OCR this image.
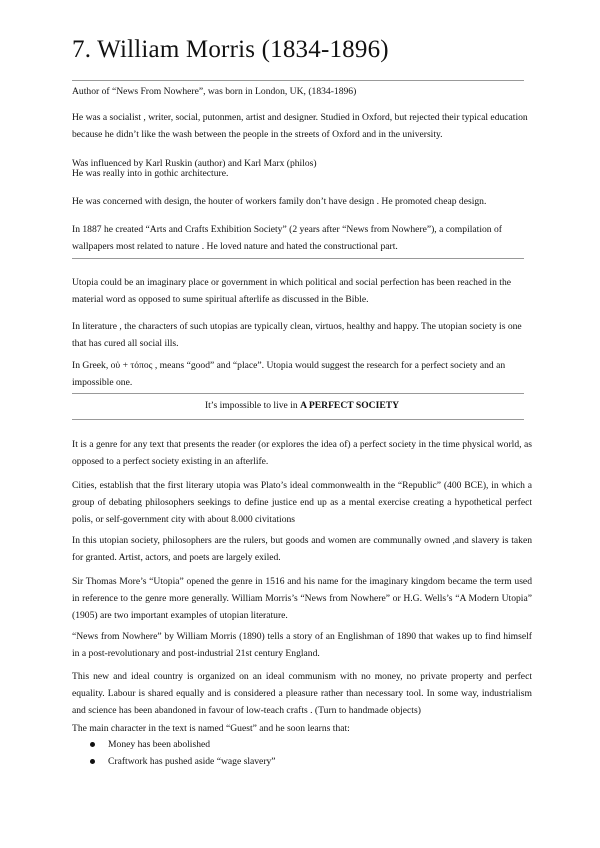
7. William Morris (1834-1896)

Author of “News From Nowhere”, was born in London, UK, (1834-1896)

He was a socialist , writer, social, putonmen, artist and designer. Studied in Oxford, but rejected their typical education because he didn’t like the wash between the people in the streets of Oxford and in the university.

Was influenced by Karl Ruskin (author) and Karl Marx (philos)

He was really into in gothic architecture.

He was concerned with design, the houter of workers family don’t have design . He promoted cheap design.

In 1887 he created “Arts and Crafts Exhibition Society” (2 years after “News from Nowhere”), a compilation of wallpapers most related to nature . He loved nature and hated the constructional part.

Utopia could be an imaginary place or government in which political and social perfection has been reached in the material word as opposed to sume spiritual afterlife as discussed in the Bible.

In literature , the characters of such utopias are typically clean, virtuos, healthy and happy. The utopian society is one that has cured all social ills.

In Greek, οὐ + τόπος , means “good” and “place”. Utopia would suggest the research for a perfect society and an impossible one.

It’s impossible to live in A PERFECT SOCIETY

It is a genre for any text that presents the reader (or explores the idea of) a perfect society in the time physical world, as opposed to a perfect society existing in an afterlife.

Cities, establish that the first literary utopia was Plato’s ideal commonwealth in the “Republic” (400 BCE), in which a group of debating philosophers seekings to define justice end up as a mental exercise creating a hypothetical perfect polis, or self-government city with about 8.000 civitations

In this utopian society, philosophers are the rulers, but goods and women are communally owned ,and slavery is taken for granted. Artist, actors, and poets are largely exiled.

Sir Thomas More’s “Utopia” opened the genre in 1516 and his name for the imaginary kingdom became the term used in reference to the genre more generally. William Morris’s “News from Nowhere” or H.G. Wells’s “A Modern Utopia” (1905) are two important examples of utopian literature.

“News from Nowhere” by William Morris (1890) tells a story of an Englishman of 1890 that wakes up to find himself in a post-revolutionary and post-industrial 21st century England.

This new and ideal country is organized on an ideal communism with no money, no private property and perfect equality. Labour is shared equally and is considered a pleasure rather than necessary tool. In some way, industrialism and science has been abandoned in favour of low-teach crafts . (Turn to handmade objects)

The main character in the text is named “Guest” and he soon learns that:

Money has been abolished
Craftwork has pushed aside “wage slavery”
